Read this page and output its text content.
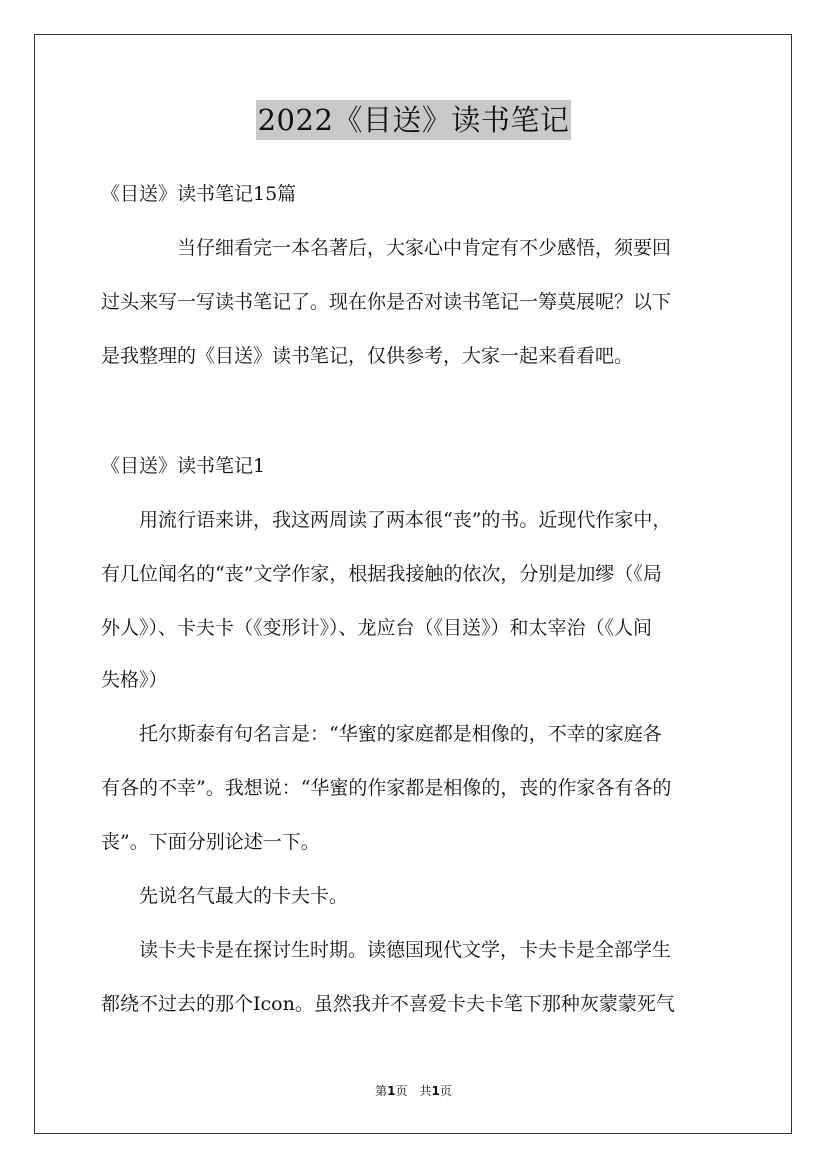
2022《目送》读书笔记
《目送》读书笔记15篇
　　　　当仔细看完一本名著后，大家心中肯定有不少感悟，须要回
过头来写一写读书笔记了。现在你是否对读书笔记一筹莫展呢？以下
是我整理的《目送》读书笔记，仅供参考，大家一起来看看吧。
《目送》读书笔记1
　　用流行语来讲，我这两周读了两本很“丧”的书。近现代作家中，
有几位闻名的“丧”文学作家，根据我接触的依次，分别是加缪（《局
外人》）、卡夫卡（《变形计》）、龙应台（《目送》）和太宰治（《人间
失格》）
　　托尔斯泰有句名言是：“华蜜的家庭都是相像的，不幸的家庭各
有各的不幸”。我想说：“华蜜的作家都是相像的，丧的作家各有各的
丧”。下面分别论述一下。
　　先说名气最大的卡夫卡。
　　读卡夫卡是在探讨生时期。读德国现代文学，卡夫卡是全部学生
都绕不过去的那个Icon。虽然我并不喜爱卡夫卡笔下那种灰蒙蒙死气
第1页　共1页
